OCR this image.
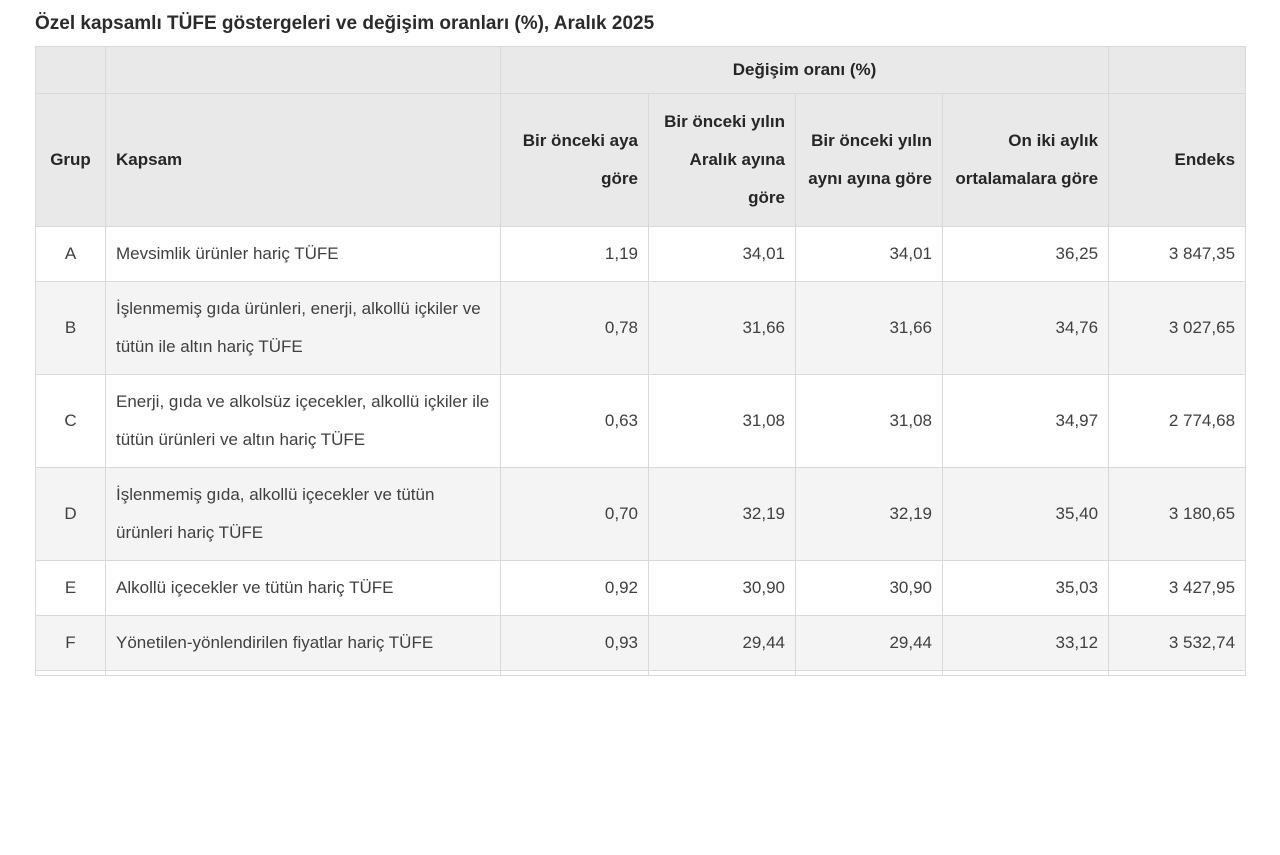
Özel kapsamlı TÜFE göstergeleri ve değişim oranları (%), Aralık 2025
		Değişim oranı (%)				
Grup	Kapsam	Bir önceki aya göre	Bir önceki yılın Aralık ayına göre	Bir önceki yılın aynı ayına göre	On iki aylık ortalamalara göre	Endeks
A	Mevsimlik ürünler hariç TÜFE	1,19	34,01	34,01	36,25	3 847,35
B	İşlenmemiş gıda ürünleri, enerji, alkollü içkiler ve tütün ile altın hariç TÜFE	0,78	31,66	31,66	34,76	3 027,65
C	Enerji, gıda ve alkolsüz içecekler, alkollü içkiler ile tütün ürünleri ve altın hariç TÜFE	0,63	31,08	31,08	34,97	2 774,68
D	İşlenmemiş gıda, alkollü içecekler ve tütün ürünleri hariç TÜFE	0,70	32,19	32,19	35,40	3 180,65
E	Alkollü içecekler ve tütün hariç TÜFE	0,92	30,90	30,90	35,03	3 427,95
F	Yönetilen-yönlendirilen fiyatlar hariç TÜFE	0,93	29,44	29,44	33,12	3 532,74
